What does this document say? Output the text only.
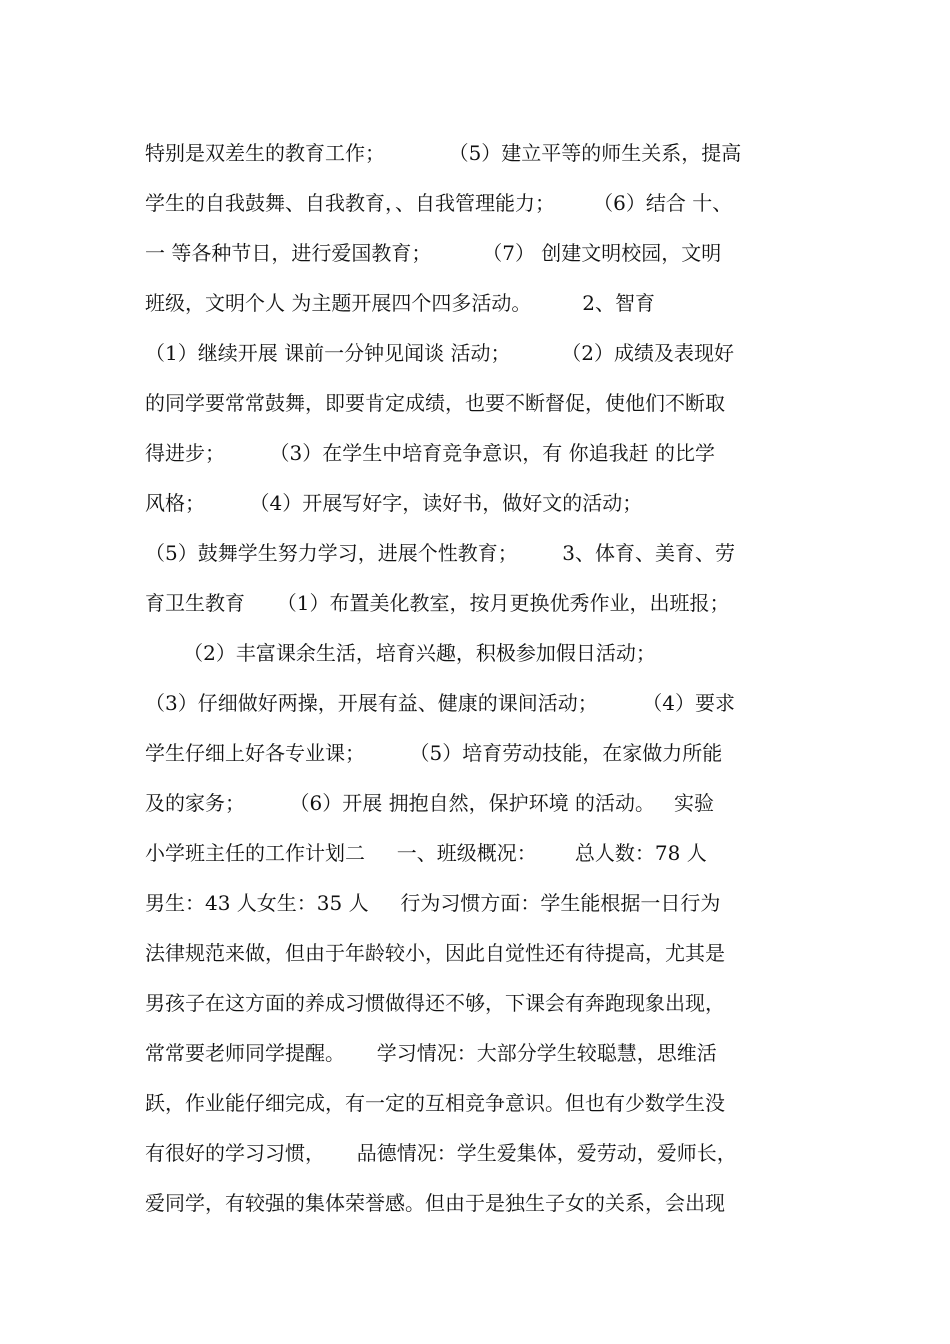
特别是双差生的教育工作；          （5）建立平等的师生关系，提高
学生的自我鼓舞、自我教育，、自我管理能力；      （6）结合 十、
一 等各种节日，进行爱国教育；        （7） 创建文明校园，文明
班级，文明个人 为主题开展四个四多活动。        2、智育
（1）继续开展 课前一分钟见闻谈 活动；        （2）成绩及表现好
的同学要常常鼓舞，即要肯定成绩，也要不断督促，使他们不断取
得进步；       （3）在学生中培育竞争意识，有 你追我赶 的比学
风格；       （4）开展写好字，读好书，做好文的活动；
（5）鼓舞学生努力学习，进展个性教育；       3、体育、美育、劳
育卫生教育     （1）布置美化教室，按月更换优秀作业，出班报；
（2）丰富课余生活，培育兴趣，积极参加假日活动；
（3）仔细做好两操，开展有益、健康的课间活动；       （4）要求
学生仔细上好各专业课；       （5）培育劳动技能，在家做力所能
及的家务；       （6）开展 拥抱自然，保护环境 的活动。   实验
小学班主任的工作计划二     一、班级概况：      总人数：78 人
男生：43 人女生：35 人     行为习惯方面：学生能根据一日行为
法律规范来做，但由于年龄较小，因此自觉性还有待提高，尤其是
男孩子在这方面的养成习惯做得还不够，下课会有奔跑现象出现，
常常要老师同学提醒。     学习情况：大部分学生较聪慧，思维活
跃，作业能仔细完成，有一定的互相竞争意识。但也有少数学生没
有很好的学习习惯，     品德情况：学生爱集体，爱劳动，爱师长，
爱同学，有较强的集体荣誉感。但由于是独生子女的关系，会出现
